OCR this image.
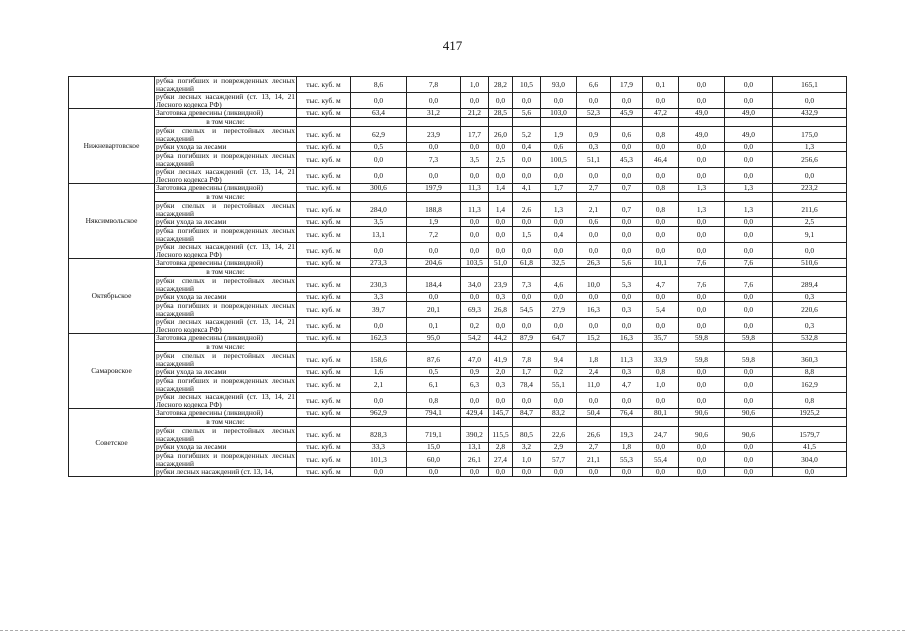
417
	рубка погибших и поврежденных лесных насаждений	тыс. куб. м	8,6	7,8	1,0	28,2	10,5	93,0	6,6	17,9	0,1	0,0	0,0	165,1
	рубки лесных насаждений (ст. 13, 14, 21 Лесного кодекса РФ)	тыс. куб. м	0,0	0,0	0,0	0,0	0,0	0,0	0,0	0,0	0,0	0,0	0,0	0,0
Нижневартовское	Заготовка древесины (ликвидной)	тыс. куб. м	63,4	31,2	21,2	28,5	5,6	103,0	52,3	45,9	47,2	49,0	49,0	432,9
	в том числе:													
	рубки спелых и перестойных лесных насаждений	тыс. куб. м	62,9	23,9	17,7	26,0	5,2	1,9	0,9	0,6	0,8	49,0	49,0	175,0
	рубки ухода за лесами	тыс. куб. м	0,5	0,0	0,0	0,0	0,4	0,6	0,3	0,0	0,0	0,0	0,0	1,3
	рубка погибших и поврежденных лесных насаждений	тыс. куб. м	0,0	7,3	3,5	2,5	0,0	100,5	51,1	45,3	46,4	0,0	0,0	256,6
	рубки лесных насаждений (ст. 13, 14, 21 Лесного кодекса РФ)	тыс. куб. м	0,0	0,0	0,0	0,0	0,0	0,0	0,0	0,0	0,0	0,0	0,0	0,0
Няксимвольское	Заготовка древесины (ликвидной)	тыс. куб. м	300,6	197,9	11,3	1,4	4,1	1,7	2,7	0,7	0,8	1,3	1,3	223,2
	в том числе:													
	рубки спелых и перестойных лесных насаждений	тыс. куб. м	284,0	188,8	11,3	1,4	2,6	1,3	2,1	0,7	0,8	1,3	1,3	211,6
	рубки ухода за лесами	тыс. куб. м	3,5	1,9	0,0	0,0	0,0	0,0	0,6	0,0	0,0	0,0	0,0	2,5
	рубка погибших и поврежденных лесных насаждений	тыс. куб. м	13,1	7,2	0,0	0,0	1,5	0,4	0,0	0,0	0,0	0,0	0,0	9,1
	рубки лесных насаждений (ст. 13, 14, 21 Лесного кодекса РФ)	тыс. куб. м	0,0	0,0	0,0	0,0	0,0	0,0	0,0	0,0	0,0	0,0	0,0	0,0
Октябрьское	Заготовка древесины (ликвидной)	тыс. куб. м	273,3	204,6	103,5	51,0	61,8	32,5	26,3	5,6	10,1	7,6	7,6	510,6
	в том числе:													
	рубки спелых и перестойных лесных насаждений	тыс. куб. м	230,3	184,4	34,0	23,9	7,3	4,6	10,0	5,3	4,7	7,6	7,6	289,4
	рубки ухода за лесами	тыс. куб. м	3,3	0,0	0,0	0,3	0,0	0,0	0,0	0,0	0,0	0,0	0,0	0,3
	рубка погибших и поврежденных лесных насаждений	тыс. куб. м	39,7	20,1	69,3	26,8	54,5	27,9	16,3	0,3	5,4	0,0	0,0	220,6
	рубки лесных насаждений (ст. 13, 14, 21 Лесного кодекса РФ)	тыс. куб. м	0,0	0,1	0,2	0,0	0,0	0,0	0,0	0,0	0,0	0,0	0,0	0,3
Самаровское	Заготовка древесины (ликвидной)	тыс. куб. м	162,3	95,0	54,2	44,2	87,9	64,7	15,2	16,3	35,7	59,8	59,8	532,8
	в том числе:													
	рубки спелых и перестойных лесных насаждений	тыс. куб. м	158,6	87,6	47,0	41,9	7,8	9,4	1,8	11,3	33,9	59,8	59,8	360,3
	рубки ухода за лесами	тыс. куб. м	1,6	0,5	0,9	2,0	1,7	0,2	2,4	0,3	0,8	0,0	0,0	8,8
	рубка погибших и поврежденных лесных насаждений	тыс. куб. м	2,1	6,1	6,3	0,3	78,4	55,1	11,0	4,7	1,0	0,0	0,0	162,9
	рубки лесных насаждений (ст. 13, 14, 21 Лесного кодекса РФ)	тыс. куб. м	0,0	0,8	0,0	0,0	0,0	0,0	0,0	0,0	0,0	0,0	0,0	0,8
Советское	Заготовка древесины (ликвидной)	тыс. куб. м	962,9	794,1	429,4	145,7	84,7	83,2	50,4	76,4	80,1	90,6	90,6	1925,2
	в том числе:													
	рубки спелых и перестойных лесных насаждений	тыс. куб. м	828,3	719,1	390,2	115,5	80,5	22,6	26,6	19,3	24,7	90,6	90,6	1579,7
	рубки ухода за лесами	тыс. куб. м	33,3	15,0	13,1	2,8	3,2	2,9	2,7	1,8	0,0	0,0	0,0	41,5
	рубка погибших и поврежденных лесных насаждений	тыс. куб. м	101,3	60,0	26,1	27,4	1,0	57,7	21,1	55,3	55,4	0,0	0,0	304,0
	рубки лесных насаждений (ст. 13, 14,	тыс. куб. м	0,0	0,0	0,0	0,0	0,0	0,0	0,0	0,0	0,0	0,0	0,0	0,0
